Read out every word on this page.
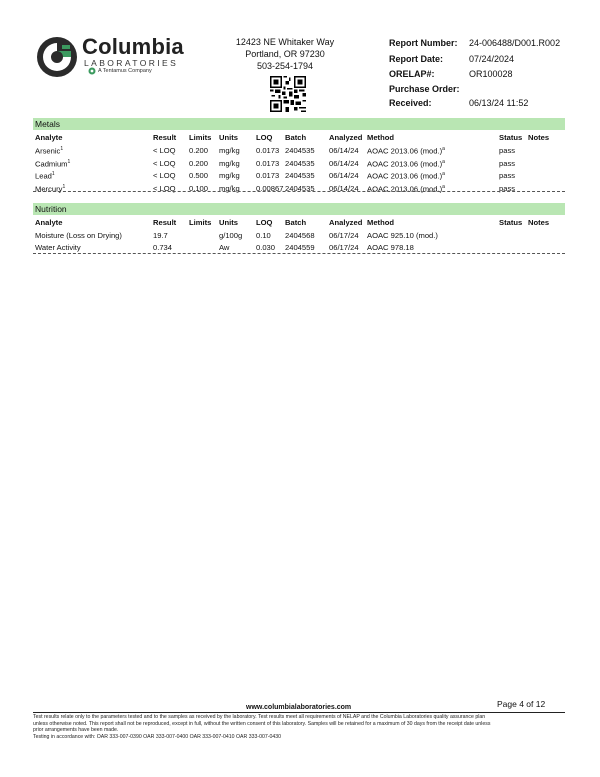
Columbia
LABORATORIES
A Tentamus Company
12423 NE Whitaker Way
Portland, OR 97230
503-254-1794
Report Number: 24-006488/D001.R002
Report Date:	07/24/2024
ORELAP#:	OR100028
Purchase Order:
Received:	06/13/24 11:52
Metals
Analyte	Result Limits Units LOQ Batch	Analyzed Method	Status Notes
Arsenic$^1$	< LOQ 0.200 mg/kg 0.0173 2404535 06/14/24 AOAC 2013.06 $(mod.)^a$	pass
Cadmium$^1$	< LOQ 0.200 mg/kg 0.0173 2404535 06/14/24 AOAC 2013.06 $(mod.)^a$	pass
Lead$^1$	< LOQ 0.500 mg/kg 0.0173 2404535 06/14/24 AOAC 2013.06 $(mod.)^a$	pass
Mercury$^1$	< LOQ 0.100 mg/kg 0.00867 2404535 06/14/24 AOAC 2013.06 $(mod.)^a$	pass
Nutrition
Analyte	Result Limits Units LOQ Batch	Analyzed Method	Status Notes
Moisture (Loss on Drying)	19.7	g/100g 0.10 2404568 06/17/24 AOAC 925.10 (mod.)
Water Activity	0.734	Aw	0.030 2404559 06/17/24 AOAC 978.18
Page 4 of 12
www.columbialaboratories.com
Test results relate only to the parameters tested and to the samples as received by the laboratory. Test results meet all requirements of NELAP and the Columbia Laboratories quality assurance plan
unless otherwise noted. This report shall not be reproduced, except in full, without the written consent of this laboratory. Samples will be retained for a maximum of 30 days from the receipt date unless
prior arrangements have been made.
Testing in accordance with: OAR 333-007-0390 OAR 333-007-0400 OAR 333-007-0410 OAR 333-007-0430
